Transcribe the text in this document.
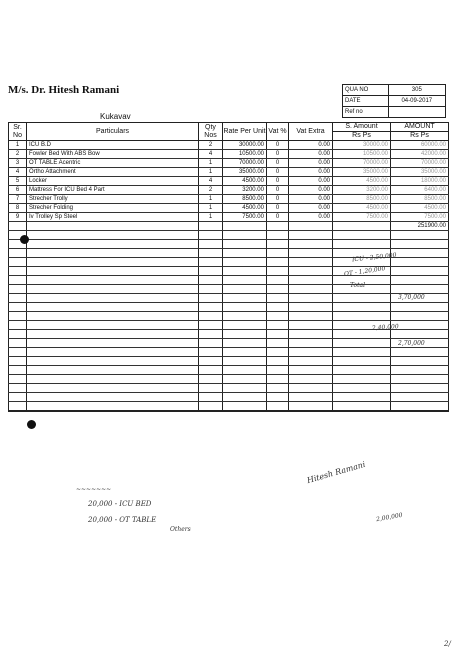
M/s. Dr. Hitesh Ramani
Kukavav
QUA NO	305
DATE	04-09-2017
Ref no	
Sr. No	Particulars	Qty Nos	Rate Per Unit	Vat %	Vat Extra	S. Amount	AMOUNT
						Rs Ps	Rs Ps
1	ICU B.D	2	30000.00	0	0.00	30000.00	60000.00
2	Fowler Bed With ABS Bow	4	10500.00	0	0.00	10500.00	42000.00
3	OT TABLE Acentric	1	70000.00	0	0.00	70000.00	70000.00
4	Ortho Attachment	1	35000.00	0	0.00	35000.00	35000.00
5	Locker	4	4500.00	0	0.00	4500.00	18000.00
6	Mattress For ICU Bed 4 Part	2	3200.00	0	0.00	3200.00	6400.00
7	Strecher Trolly	1	8500.00	0	0.00	8500.00	8500.00
8	Strecher Folding	1	4500.00	0	0.00	4500.00	4500.00
9	Iv Trolley Sp Steel	1	7500.00	0	0.00	7500.00	7500.00
							251900.00

ICU - 2,50,000
OT - 1,20,000
Total
3,70,000
2,40,000
2,70,000
Hitesh Ramani
~~~~~~~
20,000 - ICU BED
20,000 - OT TABLE
Others
2,00,000
2/
